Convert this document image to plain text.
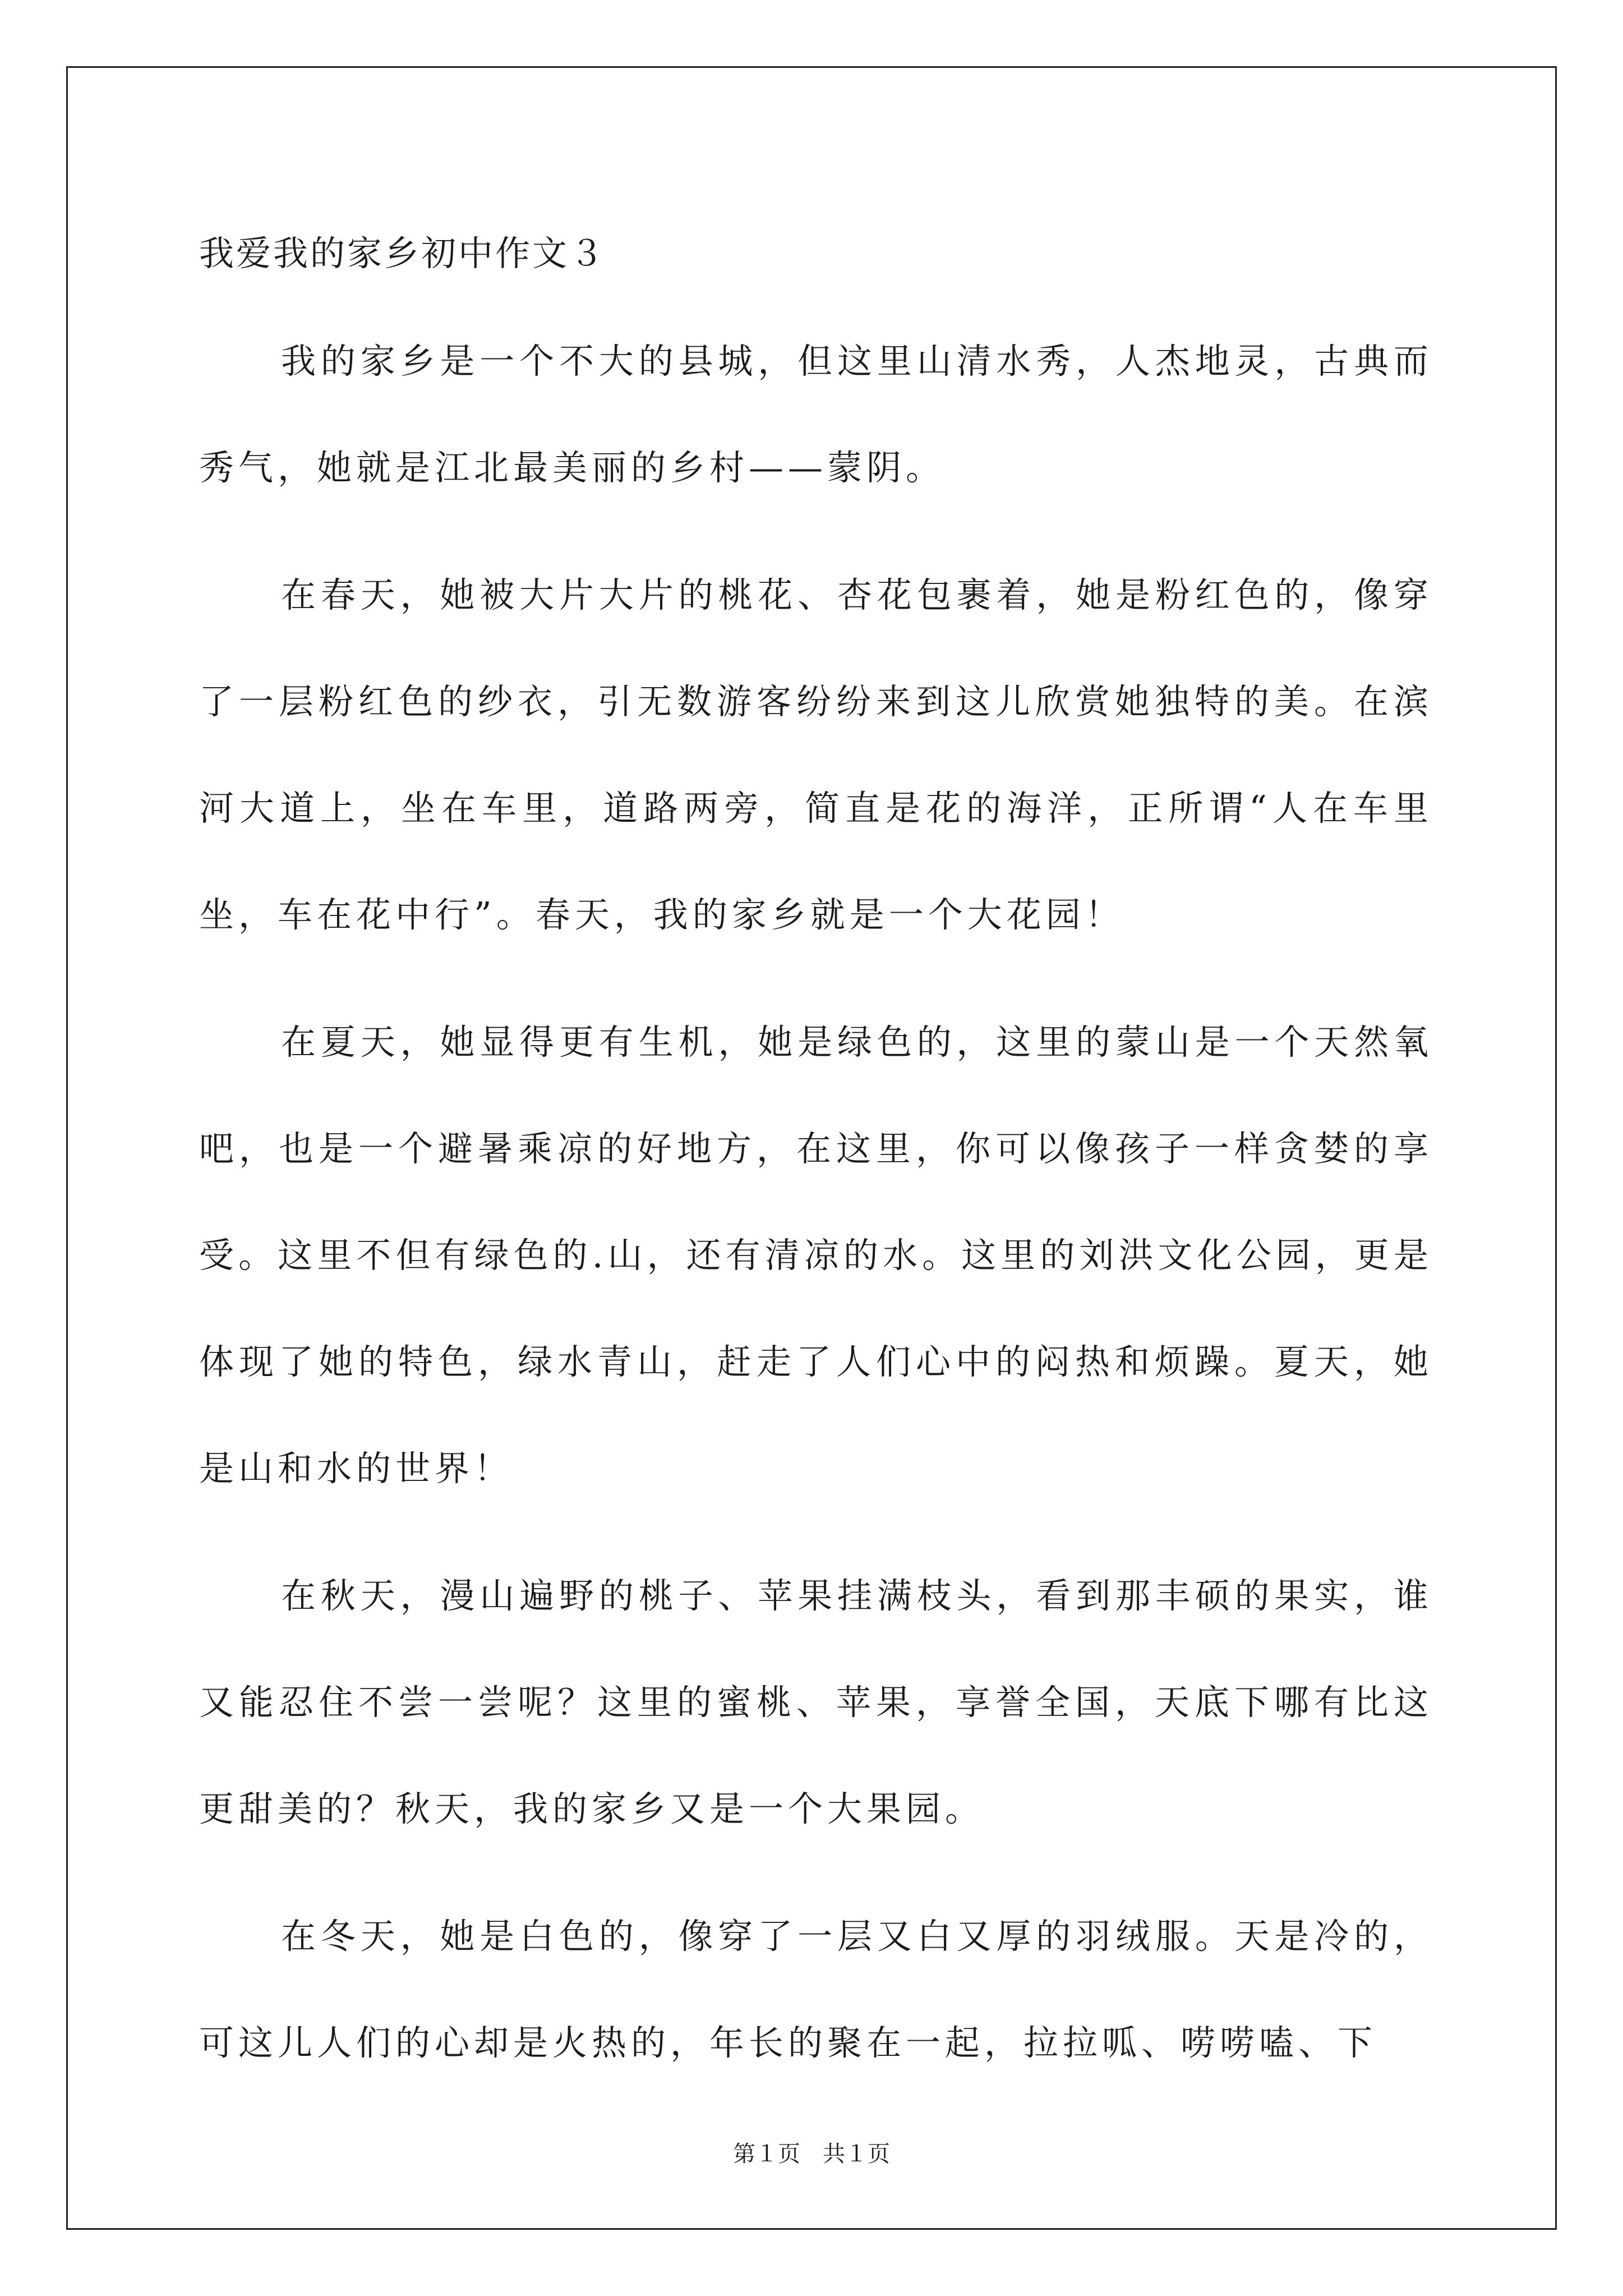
我爱我的家乡初中作文３

我的家乡是一个不大的县城，但这里山清水秀，人杰地灵，古典而秀气，她就是江北最美丽的乡村——蒙阴。

在春天，她被大片大片的桃花、杏花包裹着，她是粉红色的，像穿了一层粉红色的纱衣，引无数游客纷纷来到这儿欣赏她独特的美。在滨河大道上，坐在车里，道路两旁，简直是花的海洋，正所谓“人在车里坐，车在花中行”。春天，我的家乡就是一个大花园！

在夏天，她显得更有生机，她是绿色的，这里的蒙山是一个天然氧吧，也是一个避暑乘凉的好地方，在这里，你可以像孩子一样贪婪的享受。这里不但有绿色的.山，还有清凉的水。这里的刘洪文化公园，更是体现了她的特色，绿水青山，赶走了人们心中的闷热和烦躁。夏天，她是山和水的世界！

在秋天，漫山遍野的桃子、苹果挂满枝头，看到那丰硕的果实，谁又能忍住不尝一尝呢？这里的蜜桃、苹果，享誉全国，天底下哪有比这更甜美的？秋天，我的家乡又是一个大果园。

在冬天，她是白色的，像穿了一层又白又厚的羽绒服。天是冷的，可这儿人们的心却是火热的，年长的聚在一起，拉拉呱、唠唠嗑、下

第１页 共１页
